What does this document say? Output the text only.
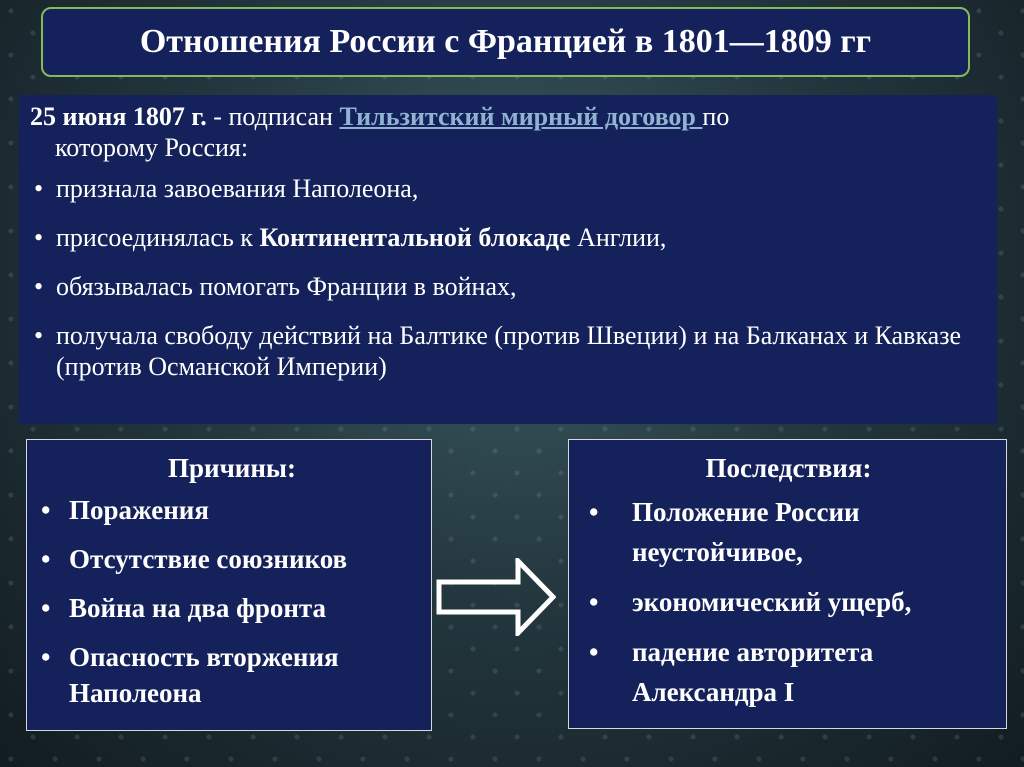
Отношения России с Францией в 1801—1809 гг
25 июня 1807 г. - подписан Тильзитский мирный договор по
которому Россия:
• признала завоевания Наполеона,
• присоединялась к Континентальной блокаде Англии,
• обязывалась помогать Франции в войнах,
• получала свободу действий на Балтике (против Швеции) и на Балканах и Кавказе (против Османской Империи)
Причины:
• Поражения
• Отсутствие союзников
• Война на два фронта
• Опасность вторжения Наполеона
Последствия:
• Положение России неустойчивое,
• экономический ущерб,
• падение авторитета Александра I
